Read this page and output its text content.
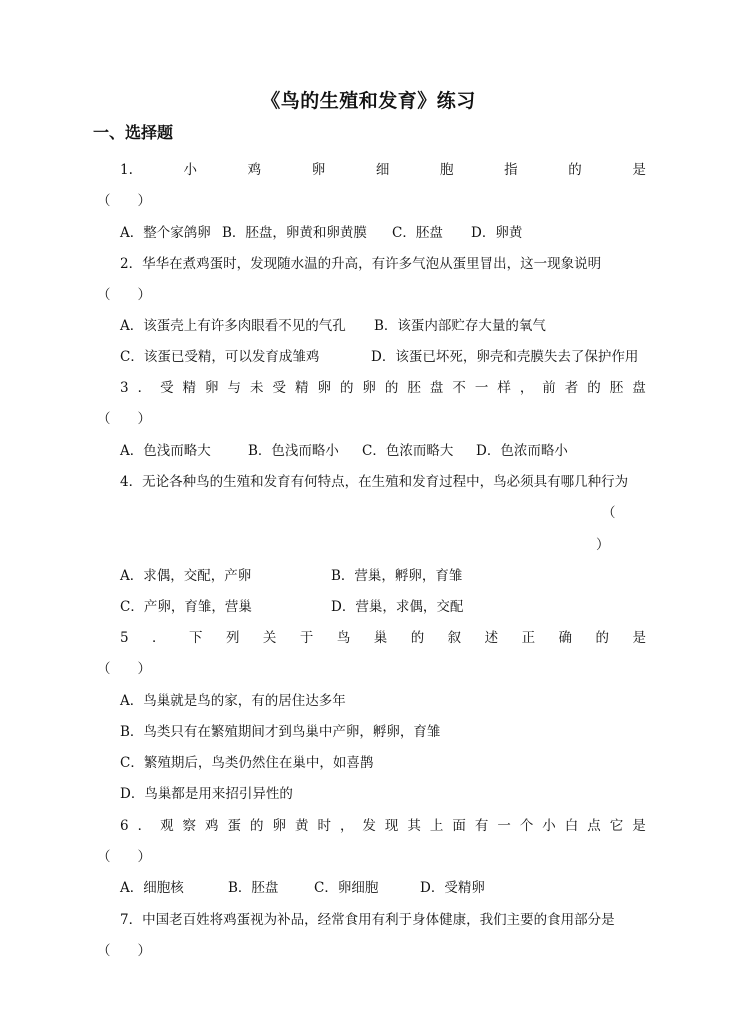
《鸟的生殖和发育》练习
一、选择题
1.	小	鸡	卵	细	胞	指	的	是
（　　）
A．整个家鸽卵 B．胚盘，卵黄和卵黄膜 C．胚盘 D．卵黄
2．华华在煮鸡蛋时，发现随水温的升高，有许多气泡从蛋里冒出，这一现象说明
（　　）
A．该蛋壳上有许多肉眼看不见的气孔 B．该蛋内部贮存大量的氧气
C．该蛋已受精，可以发育成雏鸡	D．该蛋已坏死，卵壳和壳膜失去了保护作用
3 ． 受 精 卵 与 未 受 精 卵 的 卵 的 胚 盘 不 一 样 ， 前 者 的 胚 盘
（　　）
A．色浅而略大	B．色浅而略小 C．色浓而略大 D．色浓而略小
4．无论各种鸟的生殖和发育有何特点，在生殖和发育过程中，鸟必须具有哪几种行为
（
）
A．求偶，交配，产卵	B．营巢，孵卵，育雏
C．产卵，育雏，营巢	D．营巢，求偶，交配
5 ． 下 列 关 于 鸟 巢 的 叙 述 正 确 的 是
（　　）
A．鸟巢就是鸟的家，有的居住达多年
B．鸟类只有在繁殖期间才到鸟巢中产卵，孵卵，育雏
C．繁殖期后，鸟类仍然住在巢中，如喜鹊
D．鸟巢都是用来招引异性的
6 ． 观 察 鸡 蛋 的 卵 黄 时 ， 发 现 其 上 面 有 一 个 小 白 点 它 是
（　　）
A．细胞核	B．胚盘	C．卵细胞	D．受精卵
7．中国老百姓将鸡蛋视为补品，经常食用有利于身体健康，我们主要的食用部分是
（　　）
